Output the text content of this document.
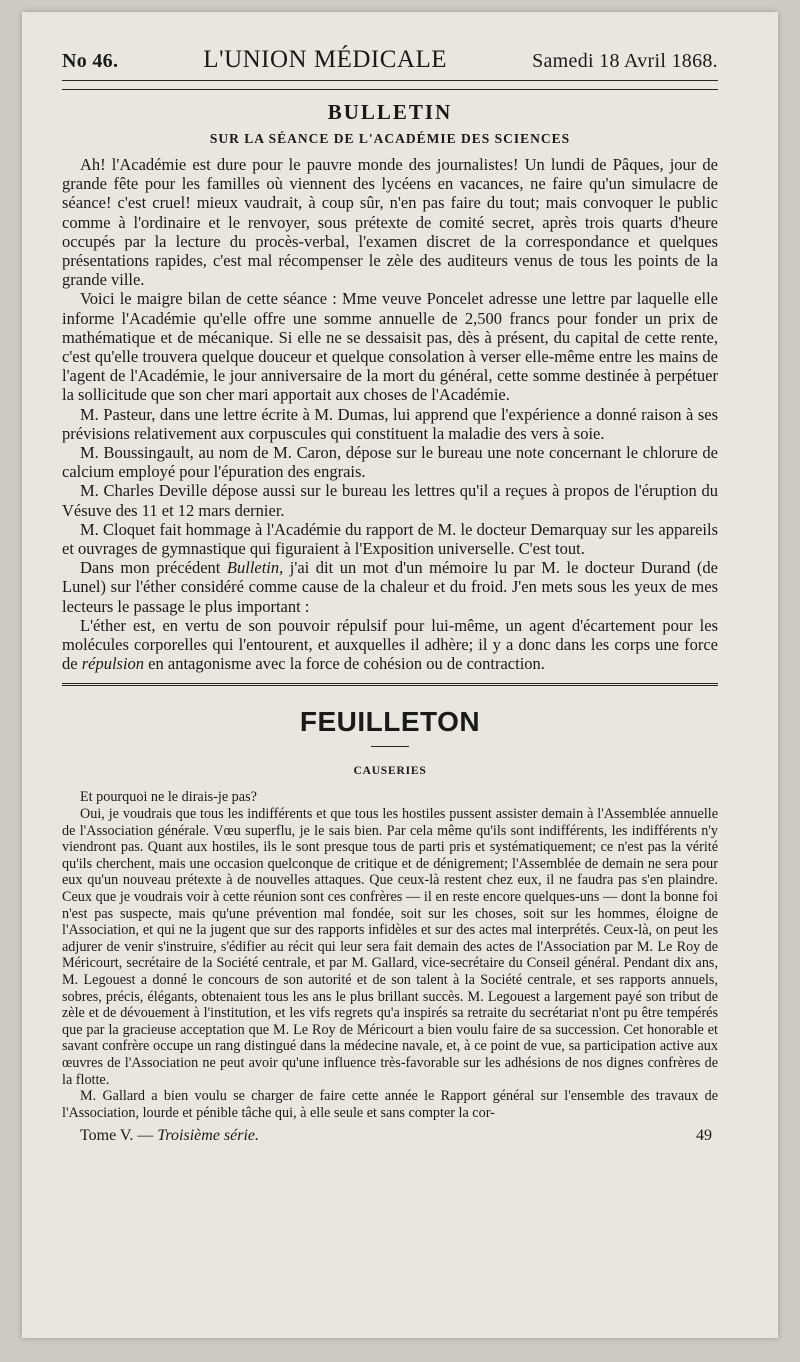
No 46.	L'UNION MÉDICALE	Samedi 18 Avril 1868.
BULLETIN
SUR LA SÉANCE DE L'ACADÉMIE DES SCIENCES

Ah! l'Académie est dure pour le pauvre monde des journalistes! Un lundi de Pâques, jour de grande fête pour les familles où viennent des lycéens en vacances, ne faire qu'un simulacre de séance! c'est cruel! mieux vaudrait, à coup sûr, n'en pas faire du tout; mais convoquer le public comme à l'ordinaire et le renvoyer, sous prétexte de comité secret, après trois quarts d'heure occupés par la lecture du procès-verbal, l'examen discret de la correspondance et quelques présentations rapides, c'est mal récompenser le zèle des auditeurs venus de tous les points de la grande ville.

Voici le maigre bilan de cette séance : Mme veuve Poncelet adresse une lettre par laquelle elle informe l'Académie qu'elle offre une somme annuelle de 2,500 francs pour fonder un prix de mathématique et de mécanique. Si elle ne se dessaisit pas, dès à présent, du capital de cette rente, c'est qu'elle trouvera quelque douceur et quelque consolation à verser elle-même entre les mains de l'agent de l'Académie, le jour anniversaire de la mort du général, cette somme destinée à perpétuer la sollicitude que son cher mari apportait aux choses de l'Académie.

M. Pasteur, dans une lettre écrite à M. Dumas, lui apprend que l'expérience a donné raison à ses prévisions relativement aux corpuscules qui constituent la maladie des vers à soie.

M. Boussingault, au nom de M. Caron, dépose sur le bureau une note concernant le chlorure de calcium employé pour l'épuration des engrais.

M. Charles Deville dépose aussi sur le bureau les lettres qu'il a reçues à propos de l'éruption du Vésuve des 11 et 12 mars dernier.

M. Cloquet fait hommage à l'Académie du rapport de M. le docteur Demarquay sur les appareils et ouvrages de gymnastique qui figuraient à l'Exposition universelle. C'est tout.

Dans mon précédent Bulletin, j'ai dit un mot d'un mémoire lu par M. le docteur Durand (de Lunel) sur l'éther considéré comme cause de la chaleur et du froid. J'en mets sous les yeux de mes lecteurs le passage le plus important :

L'éther est, en vertu de son pouvoir répulsif pour lui-même, un agent d'écartement pour les molécules corporelles qui l'entourent, et auxquelles il adhère; il y a donc dans les corps une force de répulsion en antagonisme avec la force de cohésion ou de contraction.

FEUILLETON
CAUSERIES

Et pourquoi ne le dirais-je pas?

Oui, je voudrais que tous les indifférents et que tous les hostiles pussent assister demain à l'Assemblée annuelle de l'Association générale. Vœu superflu, je le sais bien. Par cela même qu'ils sont indifférents, les indifférents n'y viendront pas. Quant aux hostiles, ils le sont presque tous de parti pris et systématiquement; ce n'est pas la vérité qu'ils cherchent, mais une occasion quelconque de critique et de dénigrement; l'Assemblée de demain ne sera pour eux qu'un nouveau prétexte à de nouvelles attaques. Que ceux-là restent chez eux, il ne faudra pas s'en plaindre. Ceux que je voudrais voir à cette réunion sont ces confrères — il en reste encore quelques-uns — dont la bonne foi n'est pas suspecte, mais qu'une prévention mal fondée, soit sur les choses, soit sur les hommes, éloigne de l'Association, et qui ne la jugent que sur des rapports infidèles et sur des actes mal interprétés. Ceux-là, on peut les adjurer de venir s'instruire, s'édifier au récit qui leur sera fait demain des actes de l'Association par M. Le Roy de Méricourt, secrétaire de la Société centrale, et par M. Gallard, vice-secrétaire du Conseil général. Pendant dix ans, M. Legouest a donné le concours de son autorité et de son talent à la Société centrale, et ses rapports annuels, sobres, précis, élégants, obtenaient tous les ans le plus brillant succès. M. Legouest a largement payé son tribut de zèle et de dévouement à l'institution, et les vifs regrets qu'a inspirés sa retraite du secrétariat n'ont pu être tempérés que par la gracieuse acceptation que M. Le Roy de Méricourt a bien voulu faire de sa succession. Cet honorable et savant confrère occupe un rang distingué dans la médecine navale, et, à ce point de vue, sa participation active aux œuvres de l'Association ne peut avoir qu'une influence très-favorable sur les adhésions de nos dignes confrères de la flotte.

M. Gallard a bien voulu se charger de faire cette année le Rapport général sur l'ensemble des travaux de l'Association, lourde et pénible tâche qui, à elle seule et sans compter la cor-

Tome V. — Troisième série.	49
